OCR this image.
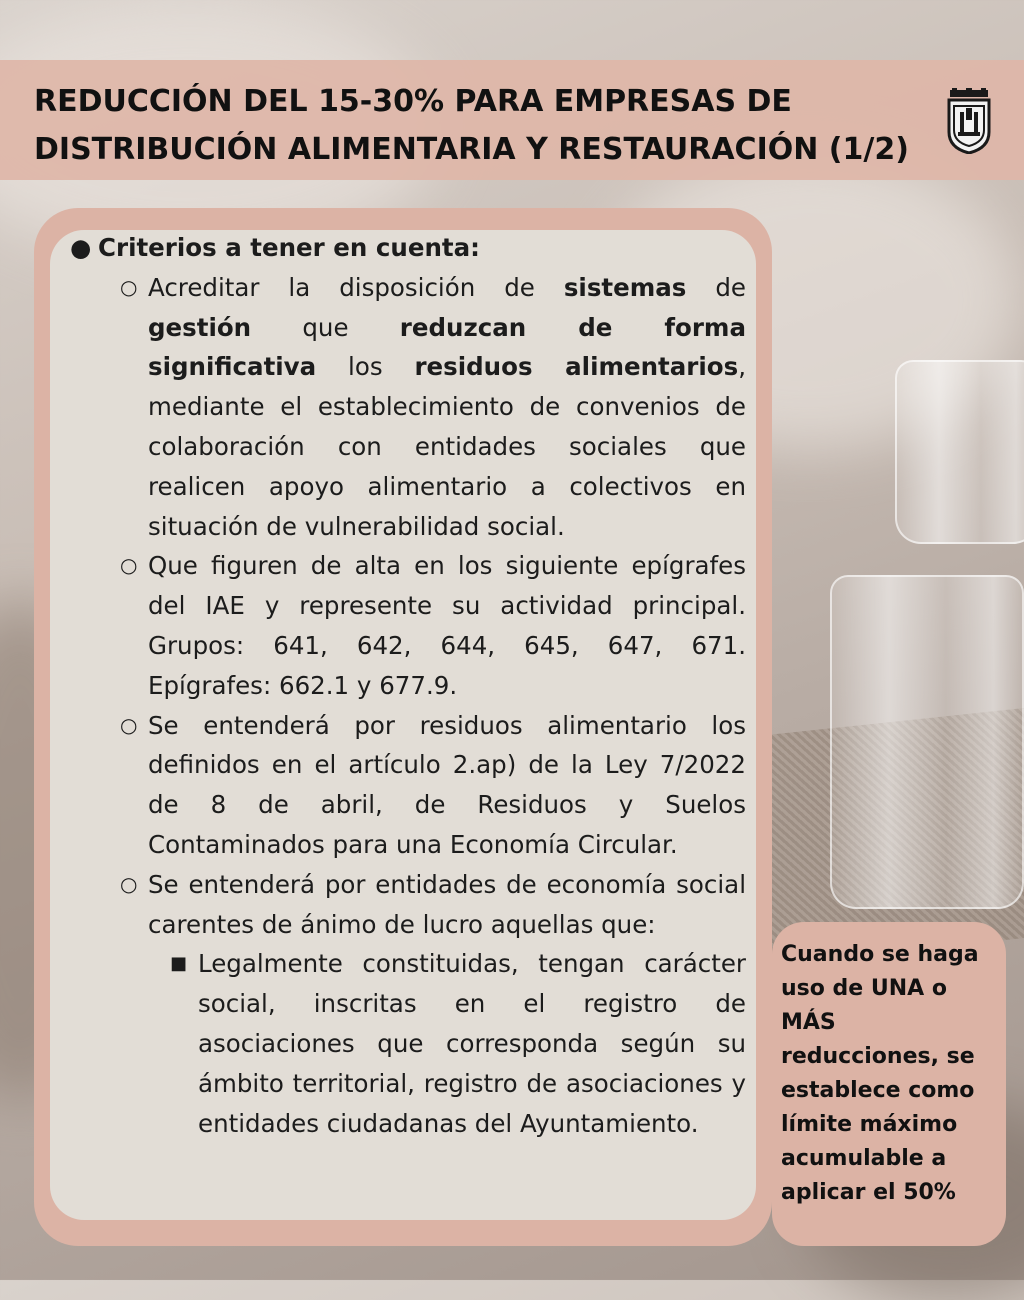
REDUCCIÓN DEL 15-30% PARA EMPRESAS DE
DISTRIBUCIÓN ALIMENTARIA Y RESTAURACIÓN (1/2)
● Criterios a tener en cuenta:
○ Acreditar la disposición de sistemas de gestión que reduzcan de forma significativa los residuos alimentarios, mediante el establecimiento de convenios de colaboración con entidades sociales que realicen apoyo alimentario a colectivos en situación de vulnerabilidad social.
○ Que figuren de alta en los siguiente epígrafes del IAE y represente su actividad principal. Grupos: 641, 642, 644, 645, 647, 671. Epígrafes: 662.1 y 677.9.
○ Se entenderá por residuos alimentario los definidos en el artículo 2.ap) de la Ley 7/2022 de 8 de abril, de Residuos y Suelos Contaminados para una Economía Circular.
○ Se entenderá por entidades de economía social carentes de ánimo de lucro aquellas que:
■ Legalmente constituidas, tengan carácter social, inscritas en el registro de asociaciones que corresponda según su ámbito territorial, registro de asociaciones y entidades ciudadanas del Ayuntamiento.

Cuando se haga uso de UNA o MÁS reducciones, se establece como límite máximo acumulable a aplicar el 50%
